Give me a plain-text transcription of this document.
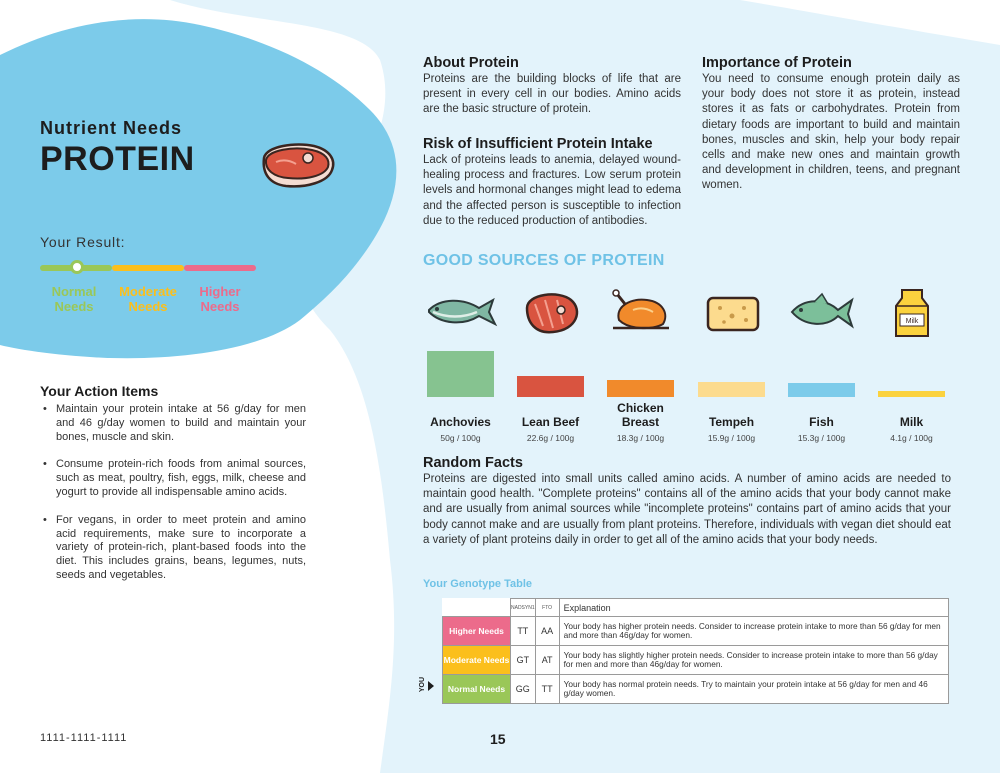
Nutrient Needs
PROTEIN
Your Result:
Normal Needs
Moderate Needs
Higher Needs
Your Action Items
• Maintain your protein intake at 56 g/day for men and 46 g/day women to build and maintain your bones, muscle and skin.
• Consume protein-rich foods from animal sources, such as meat, poultry, fish, eggs, milk, cheese and yogurt to provide all indispensable amino acids.
• For vegans, in order to meet protein and amino acid requirements, make sure to incorporate a variety of protein-rich, plant-based foods into the diet. This includes grains, beans, legumes, nuts, seeds and vegetables.
1111-1111-1111	15
About Protein

Proteins are the building blocks of life that are present in every cell in our bodies. Amino acids are the basic structure of protein.

Risk of Insufficient Protein Intake

Lack of proteins leads to anemia, delayed wound-healing process and fractures. Low serum protein levels and hormonal changes might lead to edema and the affected person is susceptible to infection due to the reduced production of antibodies.

Importance of Protein

You need to consume enough protein daily as your body does not store it as protein, instead stores it as fats or carbohydrates. Protein from dietary foods are important to build and maintain bones, muscles and skin, help your body repair cells and make new ones and maintain growth and development in children, teens, and pregnant women.

GOOD SOURCES OF PROTEIN
Anchovies
50g / 100g
Lean Beef
22.6g / 100g
Chicken Breast
18.3g / 100g
Tempeh
15.9g / 100g
Fish
15.3g / 100g
Milk
Milk
4.1g / 100g
Random Facts

Proteins are digested into small units called amino acids. A number of amino acids are needed to maintain good health. "Complete proteins" contains all of the amino acids that your body cannot make and are usually from animal sources while "incomplete proteins" contains part of amino acids that your body cannot make and are usually from plant proteins. Therefore, individuals with vegan diet should eat a variety of plant proteins daily in order to get all of the amino acids that your body needs.

Your Genotype Table
	NADSYN1	FTO	Explanation
Higher Needs	TT	AA	Your body has higher protein needs. Consider to increase protein intake to more than 56 g/day for men and more than 46g/day for women.
Moderate Needs	GT	AT	Your body has slightly higher protein needs. Consider to increase protein intake to more than 56 g/day for men and more than 46g/day for women.
Normal Needs	GG	TT	Your body has normal protein needs. Try to maintain your protein intake at 56 g/day for men and 46 g/day women.
YOU
